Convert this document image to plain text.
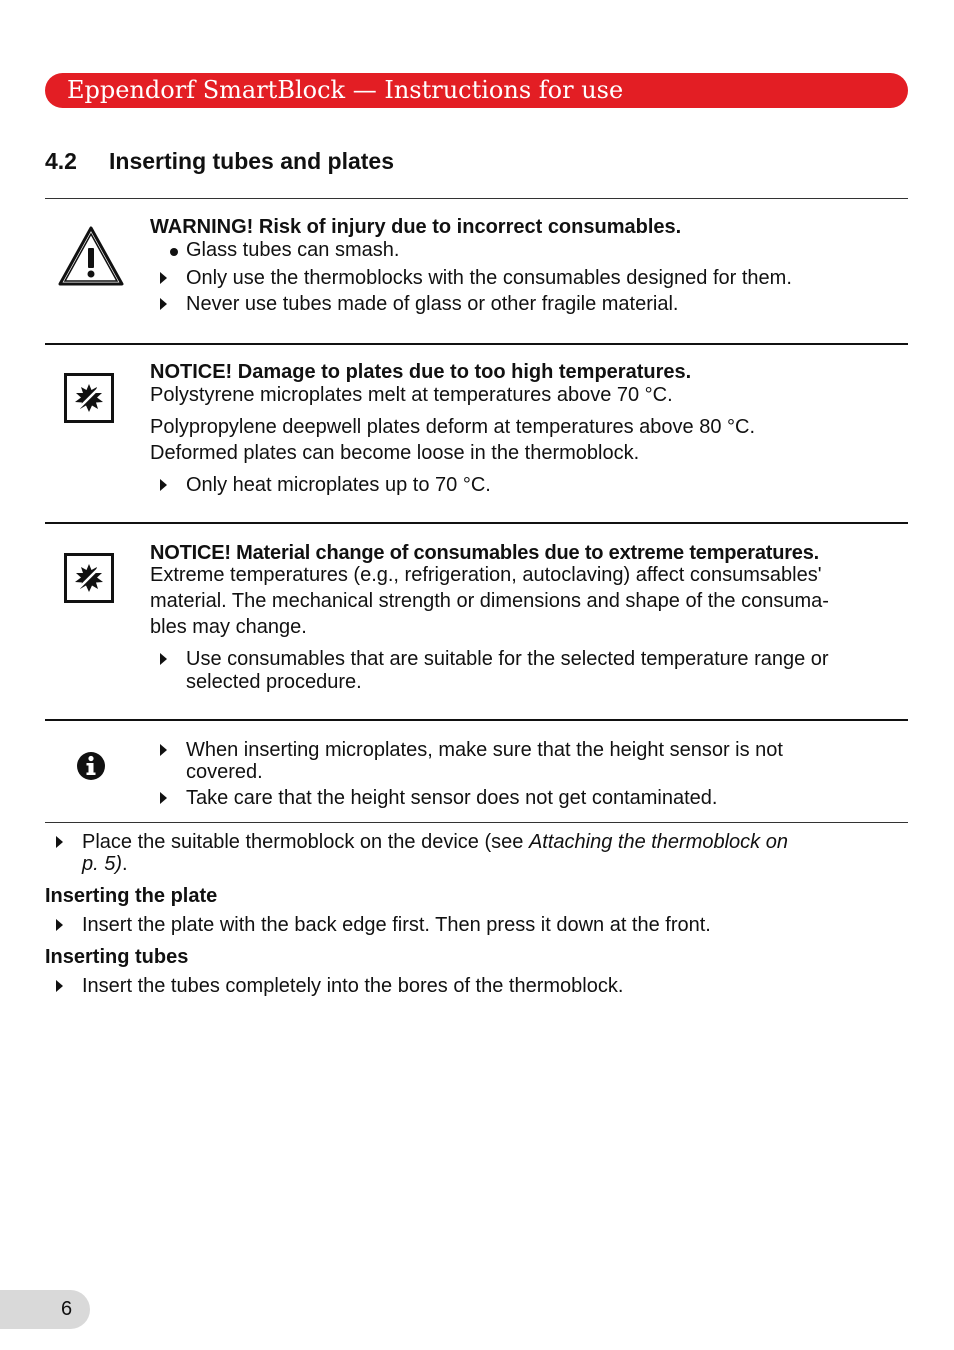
Eppendorf SmartBlock — Instructions for use
4.2 Inserting tubes and plates
WARNING! Risk of injury due to incorrect consumables.
Glass tubes can smash.
Only use the thermoblocks with the consumables designed for them.
Never use tubes made of glass or other fragile material.
NOTICE! Damage to plates due to too high temperatures.
Polystyrene microplates melt at temperatures above 70 °C.
Polypropylene deepwell plates deform at temperatures above 80 °C.
Deformed plates can become loose in the thermoblock.
Only heat microplates up to 70 °C.
NOTICE! Material change of consumables due to extreme temperatures.
Extreme temperatures (e.g., refrigeration, autoclaving) affect consumsables'
material. The mechanical strength or dimensions and shape of the consuma-
bles may change.
Use consumables that are suitable for the selected temperature range or
selected procedure.
When inserting microplates, make sure that the height sensor is not
covered.
Take care that the height sensor does not get contaminated.
Place the suitable thermoblock on the device (see Attaching the thermoblock on
p. 5).
Inserting the plate
Insert the plate with the back edge first. Then press it down at the front.
Inserting tubes
Insert the tubes completely into the bores of the thermoblock.
6
